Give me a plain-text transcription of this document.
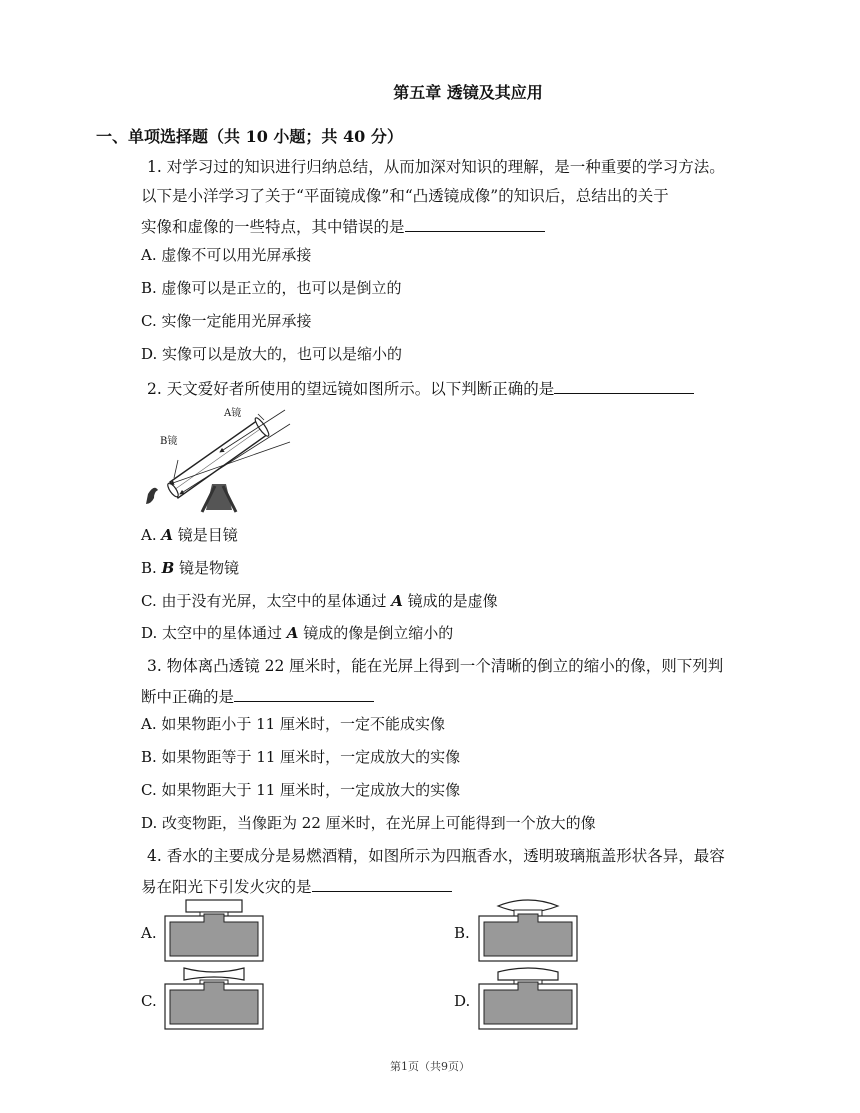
第五章 透镜及其应用
一、单项选择题（共 10 小题；共 40 分）
1. 对学习过的知识进行归纳总结，从而加深对知识的理解，是一种重要的学习方法。
以下是小洋学习了关于“平面镜成像”和“凸透镜成像”的知识后，总结出的关于
实像和虚像的一些特点，其中错误的是
A. 虚像不可以用光屏承接
B. 虚像可以是正立的，也可以是倒立的
C. 实像一定能用光屏承接
D. 实像可以是放大的，也可以是缩小的
2. 天文爱好者所使用的望远镜如图所示。以下判断正确的是
A镜
B镜
A. A 镜是目镜
B. B 镜是物镜
C. 由于没有光屏，太空中的星体通过 A 镜成的是虚像
D. 太空中的星体通过 A 镜成的像是倒立缩小的
3. 物体离凸透镜 22 厘米时，能在光屏上得到一个清晰的倒立的缩小的像，则下列判
断中正确的是
A. 如果物距小于 11 厘米时，一定不能成实像
B. 如果物距等于 11 厘米时，一定成放大的实像
C. 如果物距大于 11 厘米时，一定成放大的实像
D. 改变物距，当像距为 22 厘米时，在光屏上可能得到一个放大的像
4. 香水的主要成分是易燃酒精，如图所示为四瓶香水，透明玻璃瓶盖形状各异，最容
易在阳光下引发火灾的是
A.	B.
C.	D.
第1页（共9页）
